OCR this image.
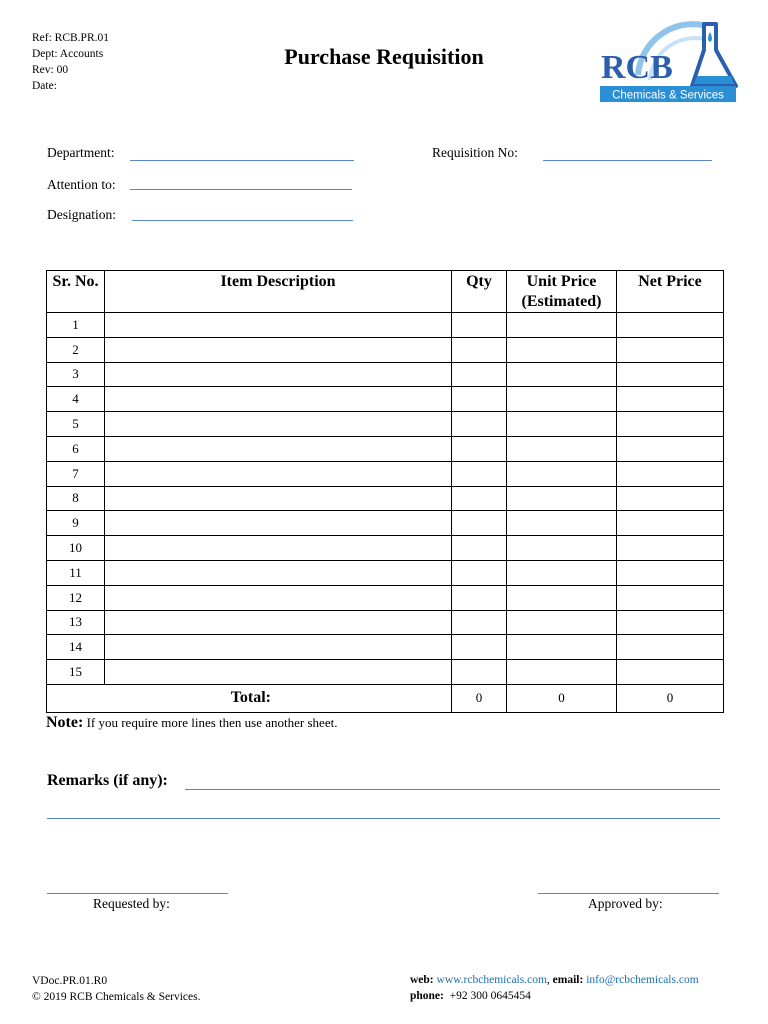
Ref: RCB.PR.01
Dept: Accounts
Rev: 00
Date:
Purchase Requisition	RCB
Chemicals & Services
Department:	Requisition No:
Attention to:
Designation:
Sr. No.	Item Description	Qty	Unit Price (Estimated)	Net Price
1				
2				
3				
4				
5				
6				
7				
8				
9				
10				
11				
12				
13				
14				
15				
Total:		0	0	0
Note: If you require more lines then use another sheet.
Remarks (if any):
Requested by:	Approved by:
VDoc.PR.01.R0
© 2019 RCB Chemicals & Services.
web: www.rcbchemicals.com, email: info@rcbchemicals.com
phone: +92 300 0645454
